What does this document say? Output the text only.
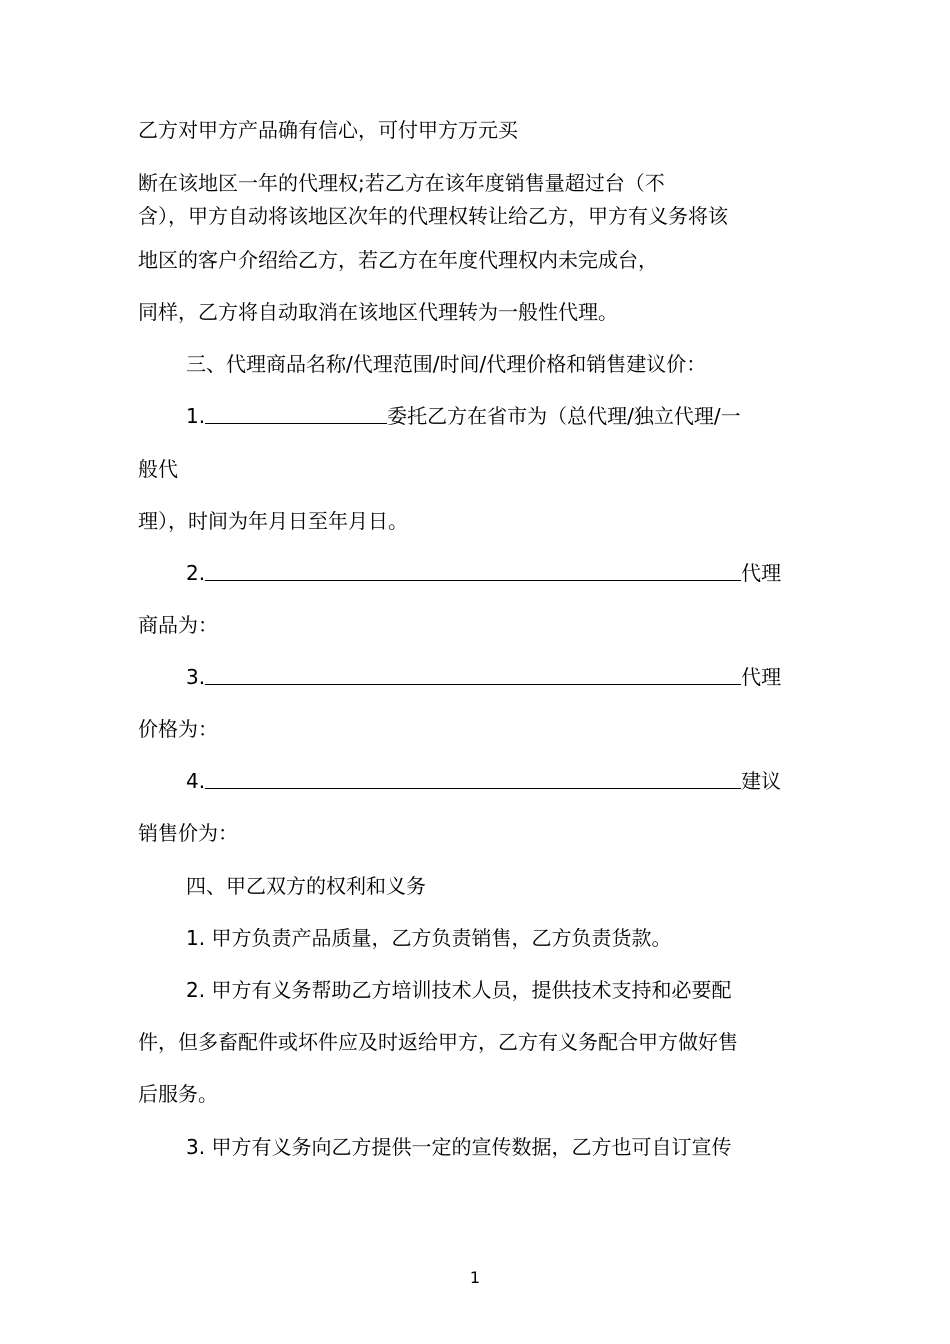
乙方对甲方产品确有信心，可付甲方万元买
断在该地区一年的代理权;若乙方在该年度销售量超过台（不
含），甲方自动将该地区次年的代理权转让给乙方，甲方有义务将该
地区的客户介绍给乙方，若乙方在年度代理权内未完成台，
同样，乙方将自动取消在该地区代理转为一般性代理。
三、代理商品名称/代理范围/时间/代理价格和销售建议价：
1.	委托乙方在省市为（总代理/独立代理/一
般代
理），时间为年月日至年月日。
2.	代理
商品为：
3.	代理
价格为：
4.	建议
销售价为：
四、甲乙双方的权利和义务
1. 甲方负责产品质量，乙方负责销售，乙方负责货款。
2. 甲方有义务帮助乙方培训技术人员，提供技术支持和必要配
件，但多畜配件或坏件应及时返给甲方，乙方有义务配合甲方做好售
后服务。
3. 甲方有义务向乙方提供一定的宣传数据，乙方也可自订宣传
1
